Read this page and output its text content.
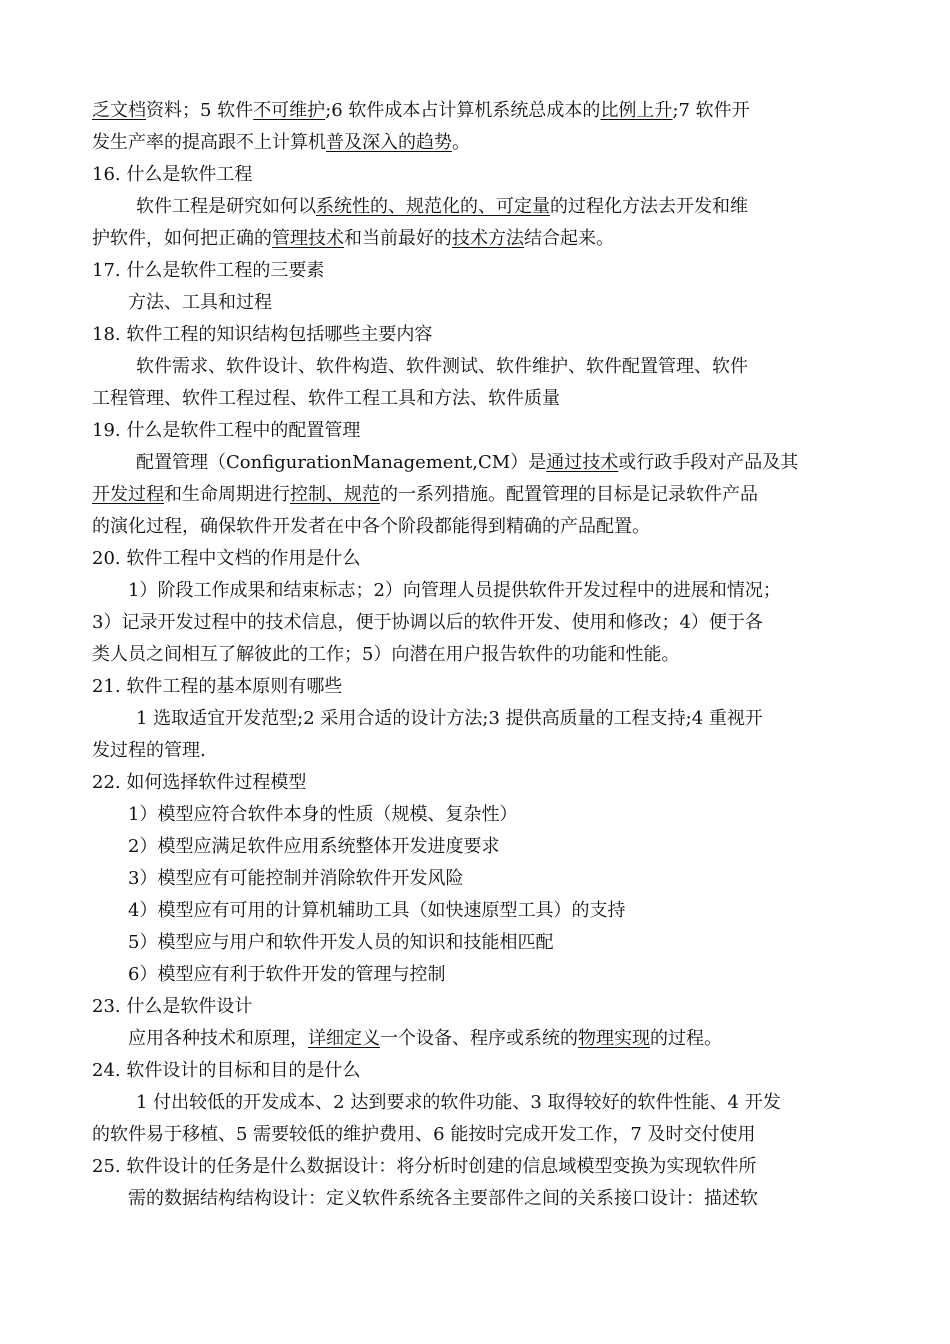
乏文档资料；5 软件不可维护;6 软件成本占计算机系统总成本的比例上升;7 软件开
发生产率的提高跟不上计算机普及深入的趋势。
16. 什么是软件工程
软件工程是研究如何以系统性的、规范化的、可定量的过程化方法去开发和维
护软件，如何把正确的管理技术和当前最好的技术方法结合起来。
17. 什么是软件工程的三要素
方法、工具和过程
18. 软件工程的知识结构包括哪些主要内容
软件需求、软件设计、软件构造、软件测试、软件维护、软件配置管理、软件
工程管理、软件工程过程、软件工程工具和方法、软件质量
19. 什么是软件工程中的配置管理
配置管理（ConfigurationManagement,CM）是通过技术或行政手段对产品及其
开发过程和生命周期进行控制、规范的一系列措施。配置管理的目标是记录软件产品
的演化过程，确保软件开发者在中各个阶段都能得到精确的产品配置。
20. 软件工程中文档的作用是什么
1）阶段工作成果和结束标志；2）向管理人员提供软件开发过程中的进展和情况；
3）记录开发过程中的技术信息，便于协调以后的软件开发、使用和修改；4）便于各
类人员之间相互了解彼此的工作；5）向潜在用户报告软件的功能和性能。
21. 软件工程的基本原则有哪些
1 选取适宜开发范型;2 采用合适的设计方法;3 提供高质量的工程支持;4 重视开
发过程的管理.
22. 如何选择软件过程模型
1）模型应符合软件本身的性质（规模、复杂性）
2）模型应满足软件应用系统整体开发进度要求
3）模型应有可能控制并消除软件开发风险
4）模型应有可用的计算机辅助工具（如快速原型工具）的支持
5）模型应与用户和软件开发人员的知识和技能相匹配
6）模型应有利于软件开发的管理与控制
23. 什么是软件设计
应用各种技术和原理，详细定义一个设备、程序或系统的物理实现的过程。
24. 软件设计的目标和目的是什么
1 付出较低的开发成本、2 达到要求的软件功能、3 取得较好的软件性能、4 开发
的软件易于移植、5 需要较低的维护费用、6 能按时完成开发工作，7 及时交付使用
25. 软件设计的任务是什么数据设计：将分析时创建的信息域模型变换为实现软件所
需的数据结构结构设计：定义软件系统各主要部件之间的关系接口设计：描述软
